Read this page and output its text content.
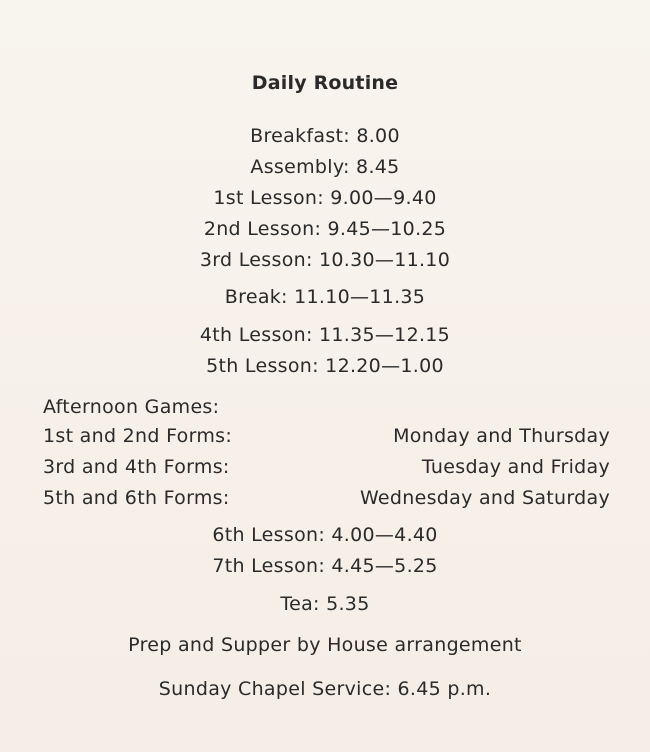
Daily Routine
Breakfast: 8.00
Assembly: 8.45
1st Lesson: 9.00—9.40
2nd Lesson: 9.45—10.25
3rd Lesson: 10.30—11.10
Break: 11.10—11.35
4th Lesson: 11.35—12.15
5th Lesson: 12.20—1.00
Afternoon Games:
1st and 2nd Forms:	Monday and Thursday
3rd and 4th Forms:	Tuesday and Friday
5th and 6th Forms:	Wednesday and Saturday
6th Lesson: 4.00—4.40
7th Lesson: 4.45—5.25
Tea: 5.35
Prep and Supper by House arrangement
Sunday Chapel Service: 6.45 p.m.
